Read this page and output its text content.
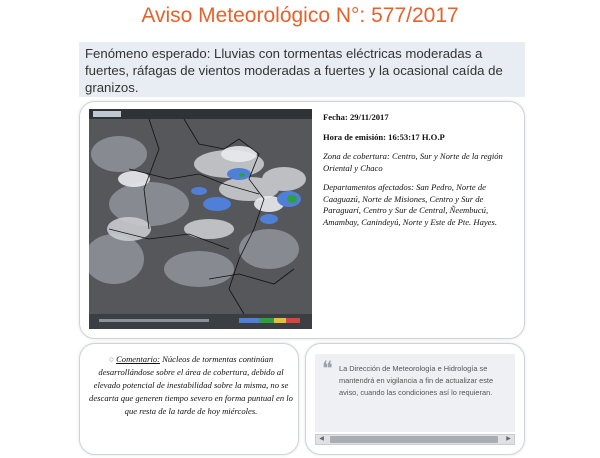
Aviso Meteorológico N°: 577/2017
Fenómeno esperado: Lluvias con tormentas eléctricas moderadas a fuertes, ráfagas de vientos moderadas a fuertes y la ocasional caída de granizos.

Fecha: 29/11/2017

Hora de emisión: 16:53:17 H.O.P

Zona de cobertura: Centro, Sur y Norte de la región Oriental y Chaco

Departamentos afectados: San Pedro, Norte de Caaguazú, Norte de Misiones, Centro y Sur de Paraguarí, Centro y Sur de Central, Ñeembucú, Amambay, Canindeyú, Norte y Este de Pte. Hayes.

○ Comentario: Núcleos de tormentas continúan desarrollándose sobre el área de cobertura, debido al elevado potencial de inestabilidad sobre la misma, no se descarta que generen tiempo severo en forma puntual en lo que resta de la tarde de hoy miércoles.
❝ La Dirección de Meteorología e Hidrología se mantendrá en vigilancia a fin de actualizar este aviso, cuando las condiciones así lo requieran.
◀	▶
